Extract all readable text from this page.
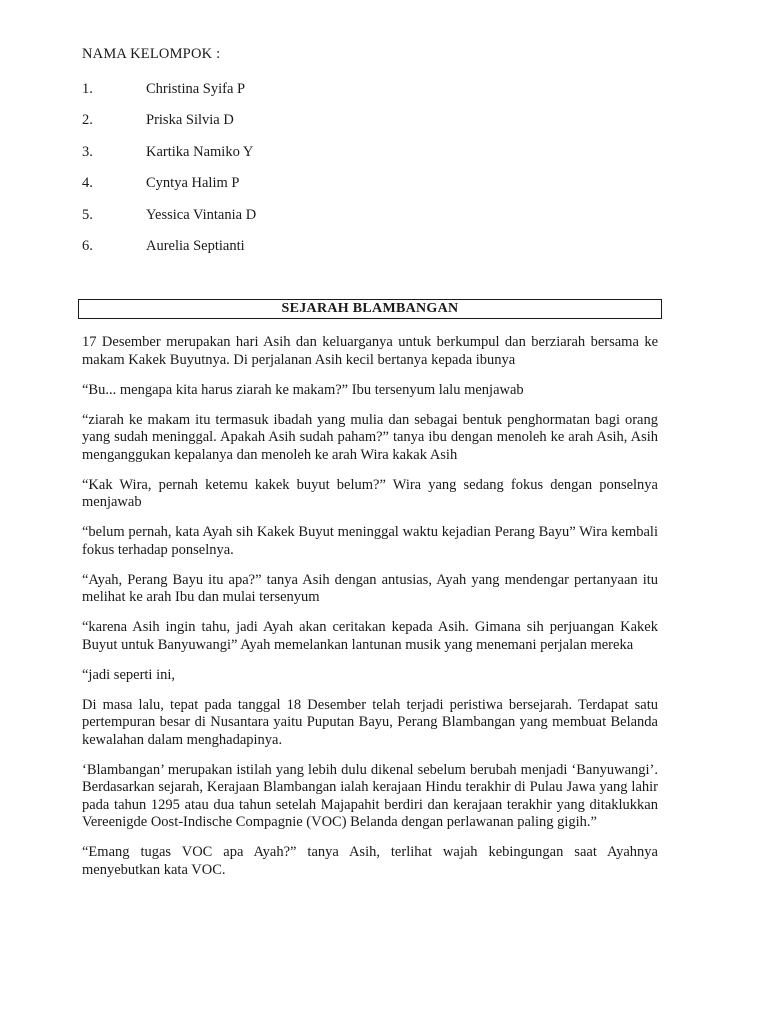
NAMA KELOMPOK :
1.	Christina Syifa P
2.	Priska Silvia D
3.	Kartika Namiko Y
4.	Cyntya Halim P
5.	Yessica Vintania D
6.	Aurelia Septianti
SEJARAH BLAMBANGAN

17 Desember merupakan hari Asih dan keluarganya untuk berkumpul dan berziarah bersama ke makam Kakek Buyutnya. Di perjalanan Asih kecil bertanya kepada ibunya

“Bu... mengapa kita harus ziarah ke makam?” Ibu tersenyum lalu menjawab

“ziarah ke makam itu termasuk ibadah yang mulia dan sebagai bentuk penghormatan bagi orang yang sudah meninggal. Apakah Asih sudah paham?” tanya ibu dengan menoleh ke arah Asih, Asih menganggukan kepalanya dan menoleh ke arah Wira kakak Asih

“Kak Wira, pernah ketemu kakek buyut belum?” Wira yang sedang fokus dengan ponselnya menjawab

“belum pernah, kata Ayah sih Kakek Buyut meninggal waktu kejadian Perang Bayu” Wira kembali fokus terhadap ponselnya.

“Ayah, Perang Bayu itu apa?” tanya Asih dengan antusias, Ayah yang mendengar pertanyaan itu melihat ke arah Ibu dan mulai tersenyum

“karena Asih ingin tahu, jadi Ayah akan ceritakan kepada Asih. Gimana sih perjuangan Kakek Buyut untuk Banyuwangi” Ayah memelankan lantunan musik yang menemani perjalan mereka

“jadi seperti ini,

Di masa lalu, tepat pada tanggal 18 Desember telah terjadi peristiwa bersejarah. Terdapat satu pertempuran besar di Nusantara yaitu Puputan Bayu, Perang Blambangan yang membuat Belanda kewalahan dalam menghadapinya.

‘Blambangan’ merupakan istilah yang lebih dulu dikenal sebelum berubah menjadi ‘Banyuwangi’. Berdasarkan sejarah, Kerajaan Blambangan ialah kerajaan Hindu terakhir di Pulau Jawa yang lahir pada tahun 1295 atau dua tahun setelah Majapahit berdiri dan kerajaan terakhir yang ditaklukkan Vereenigde Oost-Indische Compagnie (VOC) Belanda dengan perlawanan paling gigih.”

“Emang tugas VOC apa Ayah?” tanya Asih, terlihat wajah kebingungan saat Ayahnya menyebutkan kata VOC.
